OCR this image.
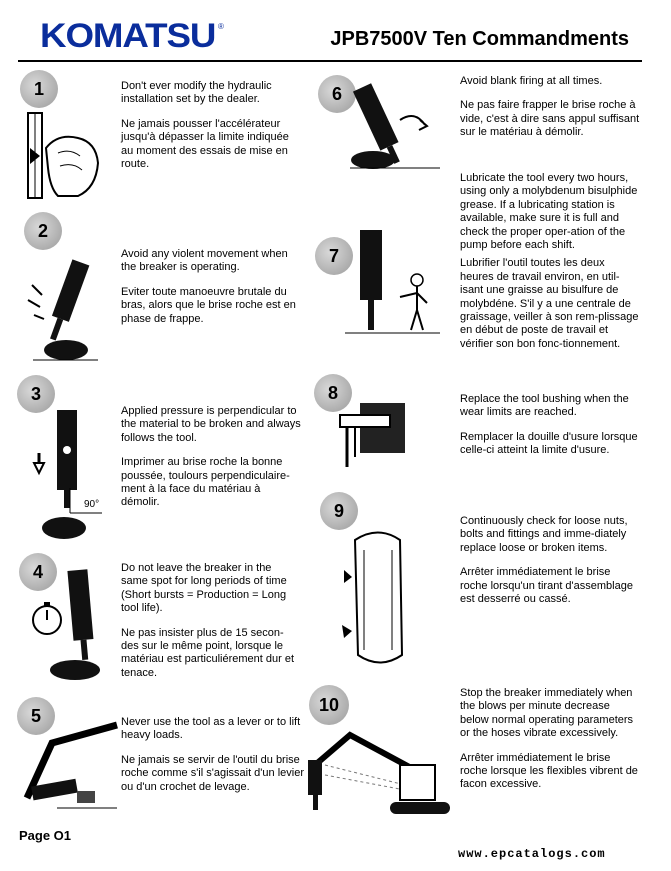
KOMATSU ®
JPB7500V Ten Commandments
1	Don't ever modify the hydraulic installation set by the dealer.

Ne jamais pousser l'accélérateur jusqu'à dépasser la limite indiquée au moment des essais de mise en route.

2

Avoid any violent movement when the breaker is operating.

Eviter toute manoeuvre brutale du bras, alors que le brise roche est en phase de frappe.

3
90°

Applied pressure is perpendicular to the material to be broken and always follows the tool.

Imprimer au brise roche la bonne poussée, toulours perpendiculaire-ment à la face du matériau à démolir.

4	Do not leave the breaker in the same spot for long periods of time (Short bursts = Production = Long tool life).

Ne pas insister plus de 15 secon-des sur le même point, lorsque le matériau est particuliérement dur et tenace.

5	Never use the tool as a lever or to lift heavy loads.

Ne jamais se servir de l'outil du brise roche comme s'il s'agissait d'un levier ou d'un crochet de levage.

6

Avoid blank firing at all times.

Ne pas faire frapper le brise roche à vide, c'est à dire sans appul suffisant sur le matériau à démolir.

7

Lubricate the tool every two hours, using only a molybdenum bisulphide grease. If a lubricating station is available, make sure it is full and check the proper oper-ation of the pump before each shift.

Lubrifier l'outil toutes les deux heures de travail environ, en util-isant une graisse au bisulfure de molybdéne. S'il y a une centrale de graissage, veiller à son rem-plissage en début de poste de travail et vérifier son bon fonc-tionnement.

8	Replace the tool bushing when the wear limits are reached.

Remplacer la douille d'usure lorsque celle-ci atteint la limite d'usure.

9	Continuously check for loose nuts, bolts and fittings and imme-diately replace loose or broken items.

Arrêter immédiatement le brise roche lorsqu'un tirant d'assemblage est desserré ou cassé.

10

Stop the breaker immediately when the blows per minute decrease below normal operating parameters or the hoses vibrate excessively.

Arrêter immédiatement le brise roche lorsque les flexibles vibrent de facon excessive.

Page O1
www.epcatalogs.com
